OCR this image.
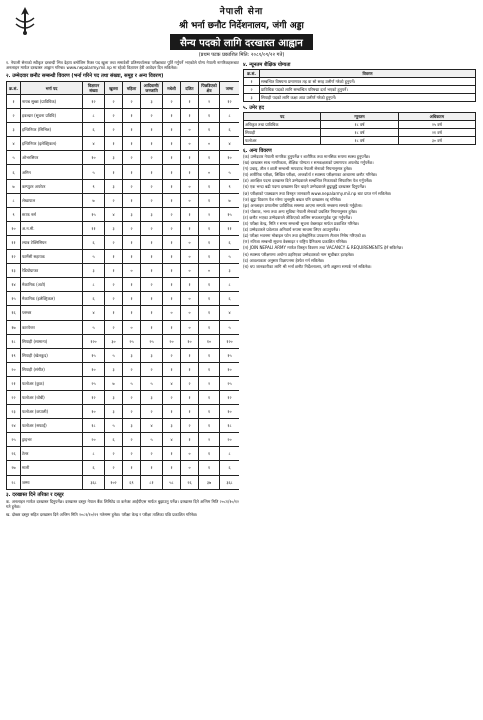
नेपाली सेना
श्री भर्ना छनौट निर्देशनालय, जंगी अड्डा
सैन्य पदको लागि दरखास्त आह्वान
(प्रथम पटक प्रकाशित मिति: २०८१/०९/२२ गते)
१. नेपाली सेनाको स्वीकृत दरबन्दी भित्र देहाय बमोजिम रिक्त पद खुला तथा समावेशी प्रतिस्पर्धात्मक परीक्षाबाट पूर्ति गर्नुपर्ने भएकोले योग्य नेपाली नागरिकहरूबाट अनलाइन मार्फत दरखास्त आह्वान गरिन्छ। www.nepalarmy.mil.np मा रहेको विज्ञापन हेरी आवेदन दिन सकिनेछ।
२. उम्मेदवार छनौट सम्बन्धी विवरण (भर्ना गरिने पद तथा संख्या, समूह र अन्य विवरण)
क्र.सं.	भर्ना पद	विज्ञापन संख्या	खुल्ला	महिला	आदिवासी/जनजाति	मधेशी	दलित	पिछडिएको क्षेत्र	जम्मा
१	नायब सुब्बा (प्राविधिक)	१२	२	२	३	२	१	२	१२
२	हवल्दार (सूचना प्रविधि)	८	२	१	२	१	१	१	८
३	इन्जिनियर (सिभिल)	६	२	१	१	१	०	१	६
४	इन्जिनियर (इलेक्ट्रिकल)	४	१	१	१	१	०	०	४
५	ओभरसियर	१०	३	२	२	१	१	१	१०
६	अमिन	५	१	१	१	१	१	०	५
७	कम्प्युटर अपरेटर	९	३	२	२	१	०	१	९
८	लेखापाल	७	२	१	२	१	०	१	७
९	स्टाफ नर्स	१५	४	३	३	२	१	२	१५
१०	अ.न.मी.	११	३	२	२	२	१	१	११
११	ल्याब टेक्निसियन	६	२	१	१	१	०	१	६
१२	फार्मेसी सहायक	५	१	१	१	१	०	१	५
१३	रेडियोग्राफर	३	१	०	१	१	०	०	३
१४	मेकानिक (अटो)	८	२	१	२	१	१	१	८
१५	मेकानिक (इलेक्ट्रिकल)	६	२	१	१	१	०	१	६
१६	प्लम्बर	४	१	१	१	०	०	१	४
१७	कारपेन्टर	५	२	०	१	१	०	१	५
१८	सिपाही (सामान्य)	१२०	३०	२५	२५	२०	१०	१०	१२०
१९	सिपाही (खेलकुद)	१५	५	३	३	२	१	१	१५
२०	सिपाही (संगीत)	१०	३	२	२	१	१	१	१०
२१	फलोअर (कुक)	२५	७	५	५	४	२	२	२५
२२	फलोअर (धोबी)	१२	३	२	३	२	१	१	१२
२३	फलोअर (कपाली)	१०	३	२	२	१	१	१	१०
२४	फलोअर (सफाई)	१८	५	३	४	३	२	१	१८
२५	ड्राइभर	२०	६	२	५	४	१	२	२०
२६	टेलर	८	२	२	२	१	०	१	८
२७	माली	६	२	१	१	१	०	१	६
२८	जम्मा	३६८	१०२	६९	८१	५८	२६	३७	३६८
३. दरखास्त दिने तरिका र दस्तुर
क. अनलाइन मार्फत दरखास्त दिनुपर्नेछ। दरखास्त दस्तुर नेपाल बैंक लिमिटेड वा कनेक्ट आईपीएस मार्फत बुझाउनु पर्नेछ। दरखास्त दिने अन्तिम मिति २०८१/१०/१२ गते हुनेछ।
ख. दोब्बर दस्तुर सहित दरखास्त दिने अन्तिम मिति २०८१/१०/१९ गतेसम्म हुनेछ। परीक्षा केन्द्र र परीक्षा तालिका पछि प्रकाशित गरिनेछ।
४. न्यूनतम शैक्षिक योग्यता
क्र.सं.	विवरण
१	सम्बन्धित विषयमा प्रमाणपत्र तह वा सो सरह उत्तीर्ण गरेको हुनुपर्ने।
२	प्राविधिक पदको लागि सम्बन्धित परिषद्मा दर्ता भएको हुनुपर्ने।
३	सिपाही पदको लागि कक्षा आठ उत्तीर्ण गरेको हुनुपर्ने।
५. उमेर हद
पद	न्यूनतम	अधिकतम
अधिकृत तथा प्राविधिक	१८ वर्ष	२५ वर्ष
सिपाही	१८ वर्ष	२१ वर्ष
फलोअर	१८ वर्ष	३० वर्ष
६. अन्य विवरण

(क) उम्मेदवार नेपाली नागरिक हुनुपर्नेछ र शारीरिक तथा मानसिक रूपमा स्वस्थ हुनुपर्नेछ।

(ख) दरखास्त साथ नागरिकता, शैक्षिक योग्यता र समकक्षताको प्रमाणपत्र अपलोड गर्नुपर्नेछ।

(ग) उचाइ, तौल र छाती सम्बन्धी मापदण्ड नेपाली सेनाको नियमानुसार हुनेछ।

(घ) शारीरिक परीक्षा, लिखित परीक्षा, अन्तर्वार्ता र स्वास्थ्य परीक्षणका आधारमा छनौट गरिनेछ।

(ङ) आरक्षित पदमा दरखास्त दिने उम्मेदवारले सम्बन्धित निकायको सिफारिस पेश गर्नुपर्नेछ।

(च) एक भन्दा बढी पदमा दरखास्त दिन चाहने उम्मेदवारले छुट्टाछुट्टै दरखास्त दिनुपर्नेछ।

(छ) परीक्षाको पाठ्यक्रम तथा विस्तृत जानकारी www.nepalarmy.mil.np बाट प्राप्त गर्न सकिनेछ।

(ज) झुट्टा विवरण पेश गरेमा जुनसुकै बखत पनि दरखास्त रद्द गरिनेछ।

(झ) अनलाइन प्रणालीमा प्राविधिक समस्या आएमा सम्पर्क नम्बरमा सम्पर्क गर्नुहोला।

(ञ) पोशाक, भत्ता तथा अन्य सुविधा नेपाली सेनाको प्रचलित नियमानुसार हुनेछ।

(ट) छनौट भएका उम्मेदवारले तोकिएको तालिम सफलतापूर्वक पूरा गर्नुपर्नेछ।

(ठ) परीक्षा केन्द्र, मिति र समय सम्बन्धी सूचना वेबसाइट मार्फत प्रकाशित गरिनेछ।

(ड) उम्मेदवारले प्रवेशपत्र अनिवार्य रूपमा साथमा लिएर आउनुपर्नेछ।

(ढ) परीक्षा भवनमा मोबाइल फोन तथा इलेक्ट्रोनिक उपकरण लैजान निषेध गरिएको छ।

(ण) नतिजा सम्बन्धी सूचना वेबसाइट र राष्ट्रिय दैनिकमा प्रकाशित गरिनेछ।

(त) JOIN NEPALI ARMY मार्फत विस्तृत विवरण तथा VACANCY & REQUIREMENTS हेर्न सकिनेछ।

(थ) स्वास्थ्य परीक्षणमा अयोग्य ठहरिएका उम्मेदवारको नाम सूचीबाट हटाइनेछ।

(द) आवश्यकता अनुसार विज्ञापनमा हेरफेर गर्न सकिनेछ।

(ध) थप जानकारीका लागि श्री भर्ना छनौट निर्देशनालय, जंगी अड्डामा सम्पर्क गर्न सकिनेछ।
